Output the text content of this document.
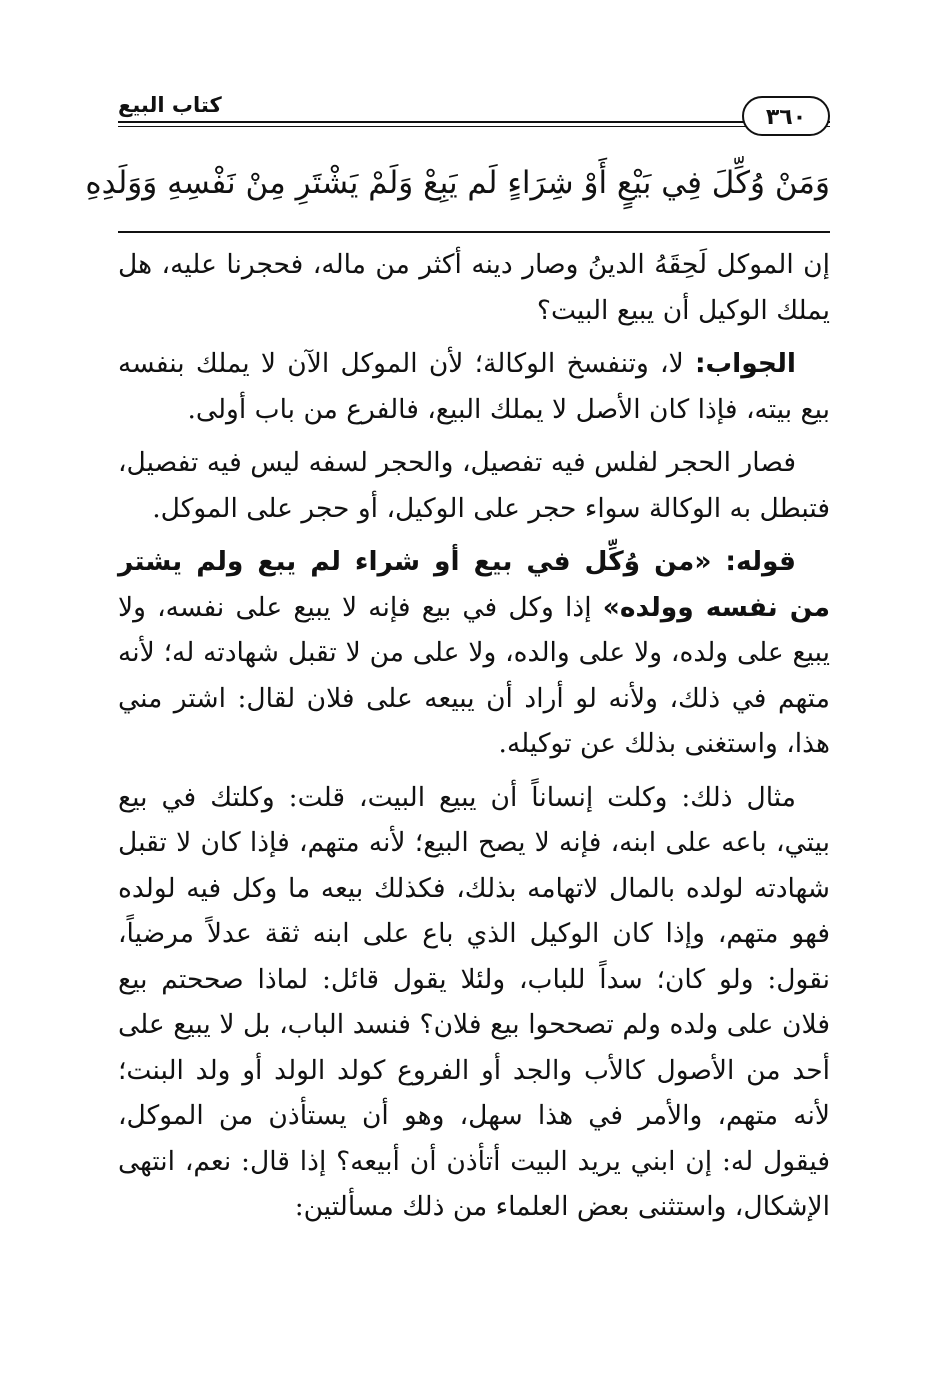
كتاب البيع	٣٦٠
وَمَنْ وُكِّلَ فِي بَيْعٍ أَوْ شِرَاءٍ لَم يَبِعْ وَلَمْ يَشْتَرِ مِنْ نَفْسِهِ وَوَلَدِهِ

إن الموكل لَحِقَهُ الدينُ وصار دينه أكثر من ماله، فحجرنا عليه، هل يملك الوكيل أن يبيع البيت؟

الجواب: لا، وتنفسخ الوكالة؛ لأن الموكل الآن لا يملك بنفسه بيع بيته، فإذا كان الأصل لا يملك البيع، فالفرع من باب أولى.

فصار الحجر لفلس فيه تفصيل، والحجر لسفه ليس فيه تفصيل، فتبطل به الوكالة سواء حجر على الوكيل، أو حجر على الموكل.

قوله: «من وُكِّل في بيع أو شراء لم يبع ولم يشتر من نفسه وولده» إذا وكل في بيع فإنه لا يبيع على نفسه، ولا يبيع على ولده، ولا على والده، ولا على من لا تقبل شهادته له؛ لأنه متهم في ذلك، ولأنه لو أراد أن يبيعه على فلان لقال: اشتر مني هذا، واستغنى بذلك عن توكيله.

مثال ذلك: وكلت إنساناً أن يبيع البيت، قلت: وكلتك في بيع بيتي، باعه على ابنه، فإنه لا يصح البيع؛ لأنه متهم، فإذا كان لا تقبل شهادته لولده بالمال لاتهامه بذلك، فكذلك بيعه ما وكل فيه لولده فهو متهم، وإذا كان الوكيل الذي باع على ابنه ثقة عدلاً مرضياً، نقول: ولو كان؛ سداً للباب، ولئلا يقول قائل: لماذا صححتم بيع فلان على ولده ولم تصححوا بيع فلان؟ فنسد الباب، بل لا يبيع على أحد من الأصول كالأب والجد أو الفروع كولد الولد أو ولد البنت؛ لأنه متهم، والأمر في هذا سهل، وهو أن يستأذن من الموكل، فيقول له: إن ابني يريد البيت أتأذن أن أبيعه؟ إذا قال: نعم، انتهى الإشكال، واستثنى بعض العلماء من ذلك مسألتين:
